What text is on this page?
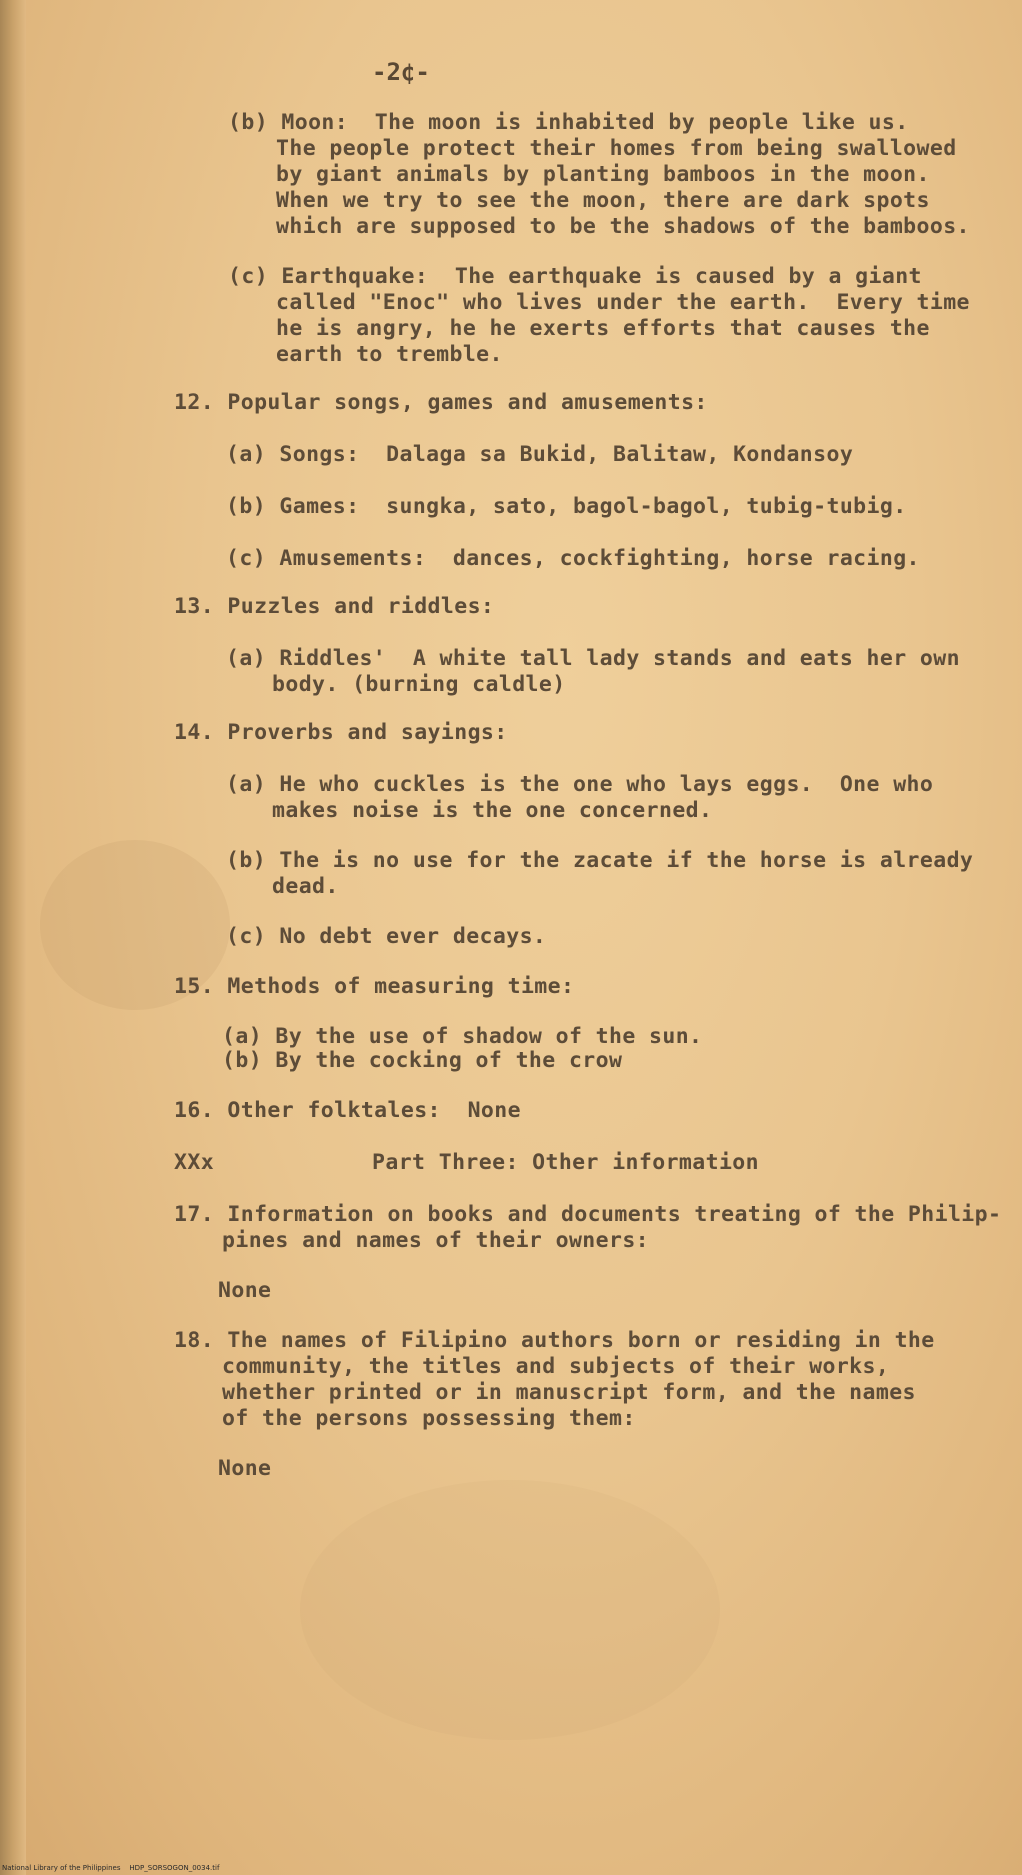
-2¢-
(b) Moon:  The moon is inhabited by people like us.
The people protect their homes from being swallowed
by giant animals by planting bamboos in the moon.
When we try to see the moon, there are dark spots
which are supposed to be the shadows of the bamboos.
(c) Earthquake:  The earthquake is caused by a giant
called "Enoc" who lives under the earth.  Every time
he is angry, he he exerts efforts that causes the
earth to tremble.
12. Popular songs, games and amusements:
(a) Songs:  Dalaga sa Bukid, Balitaw, Kondansoy
(b) Games:  sungka, sato, bagol-bagol, tubig-tubig.
(c) Amusements:  dances, cockfighting, horse racing.
13. Puzzles and riddles:
(a) Riddles'  A white tall lady stands and eats her own
body. (burning caldle)
14. Proverbs and sayings:
(a) He who cuckles is the one who lays eggs.  One who
makes noise is the one concerned.
(b) The is no use for the zacate if the horse is already
dead.
(c) No debt ever decays.
15. Methods of measuring time:
(a) By the use of shadow of the sun.
(b) By the cocking of the crow
16. Other folktales:  None
XXx	Part Three: Other information
17. Information on books and documents treating of the Philip-
pines and names of their owners:
None
18. The names of Filipino authors born or residing in the
community, the titles and subjects of their works,
whether printed or in manuscript form, and the names
of the persons possessing them:
None
National Library of the Philippines    HDP_SORSOGON_0034.tif
